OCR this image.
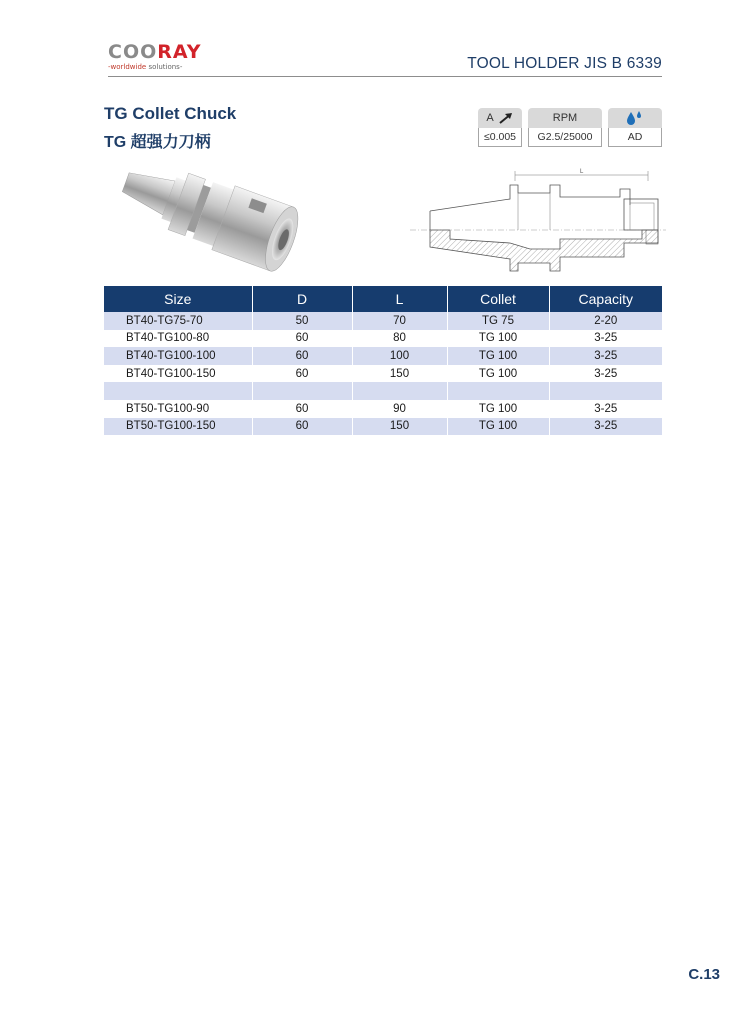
COORAY
-worldwide solutions-	TOOL HOLDER JIS B 6339
TG Collet Chuck
TG 超强力刀柄
A
≤0.005
RPM
G2.5/25000	AD
L
Size	D	L	Collet	Capacity
BT40-TG75-70	50	70	TG 75	2-20
BT40-TG100-80	60	80	TG 100	3-25
BT40-TG100-100	60	100	TG 100	3-25
BT40-TG100-150	60	150	TG 100	3-25

BT50-TG100-90	60	90	TG 100	3-25
BT50-TG100-150	60	150	TG 100	3-25
C.13
